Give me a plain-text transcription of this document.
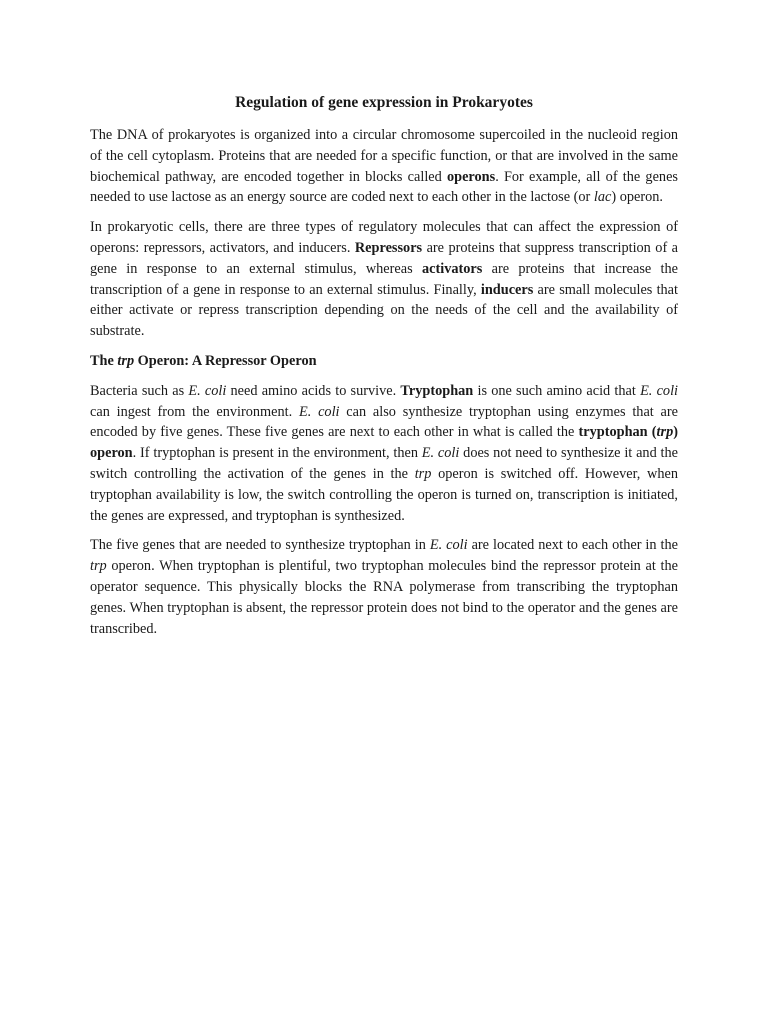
Regulation of gene expression in Prokaryotes

The DNA of prokaryotes is organized into a circular chromosome supercoiled in the nucleoid region of the cell cytoplasm. Proteins that are needed for a specific function, or that are involved in the same biochemical pathway, are encoded together in blocks called operons. For example, all of the genes needed to use lactose as an energy source are coded next to each other in the lactose (or lac) operon.

In prokaryotic cells, there are three types of regulatory molecules that can affect the expression of operons: repressors, activators, and inducers. Repressors are proteins that suppress transcription of a gene in response to an external stimulus, whereas activators are proteins that increase the transcription of a gene in response to an external stimulus. Finally, inducers are small molecules that either activate or repress transcription depending on the needs of the cell and the availability of substrate.

The trp Operon: A Repressor Operon

Bacteria such as E. coli need amino acids to survive. Tryptophan is one such amino acid that E. coli can ingest from the environment. E. coli can also synthesize tryptophan using enzymes that are encoded by five genes. These five genes are next to each other in what is called the tryptophan (trp) operon. If tryptophan is present in the environment, then E. coli does not need to synthesize it and the switch controlling the activation of the genes in the trp operon is switched off. However, when tryptophan availability is low, the switch controlling the operon is turned on, transcription is initiated, the genes are expressed, and tryptophan is synthesized.

The five genes that are needed to synthesize tryptophan in E. coli are located next to each other in the trp operon. When tryptophan is plentiful, two tryptophan molecules bind the repressor protein at the operator sequence. This physically blocks the RNA polymerase from transcribing the tryptophan genes. When tryptophan is absent, the repressor protein does not bind to the operator and the genes are transcribed.
